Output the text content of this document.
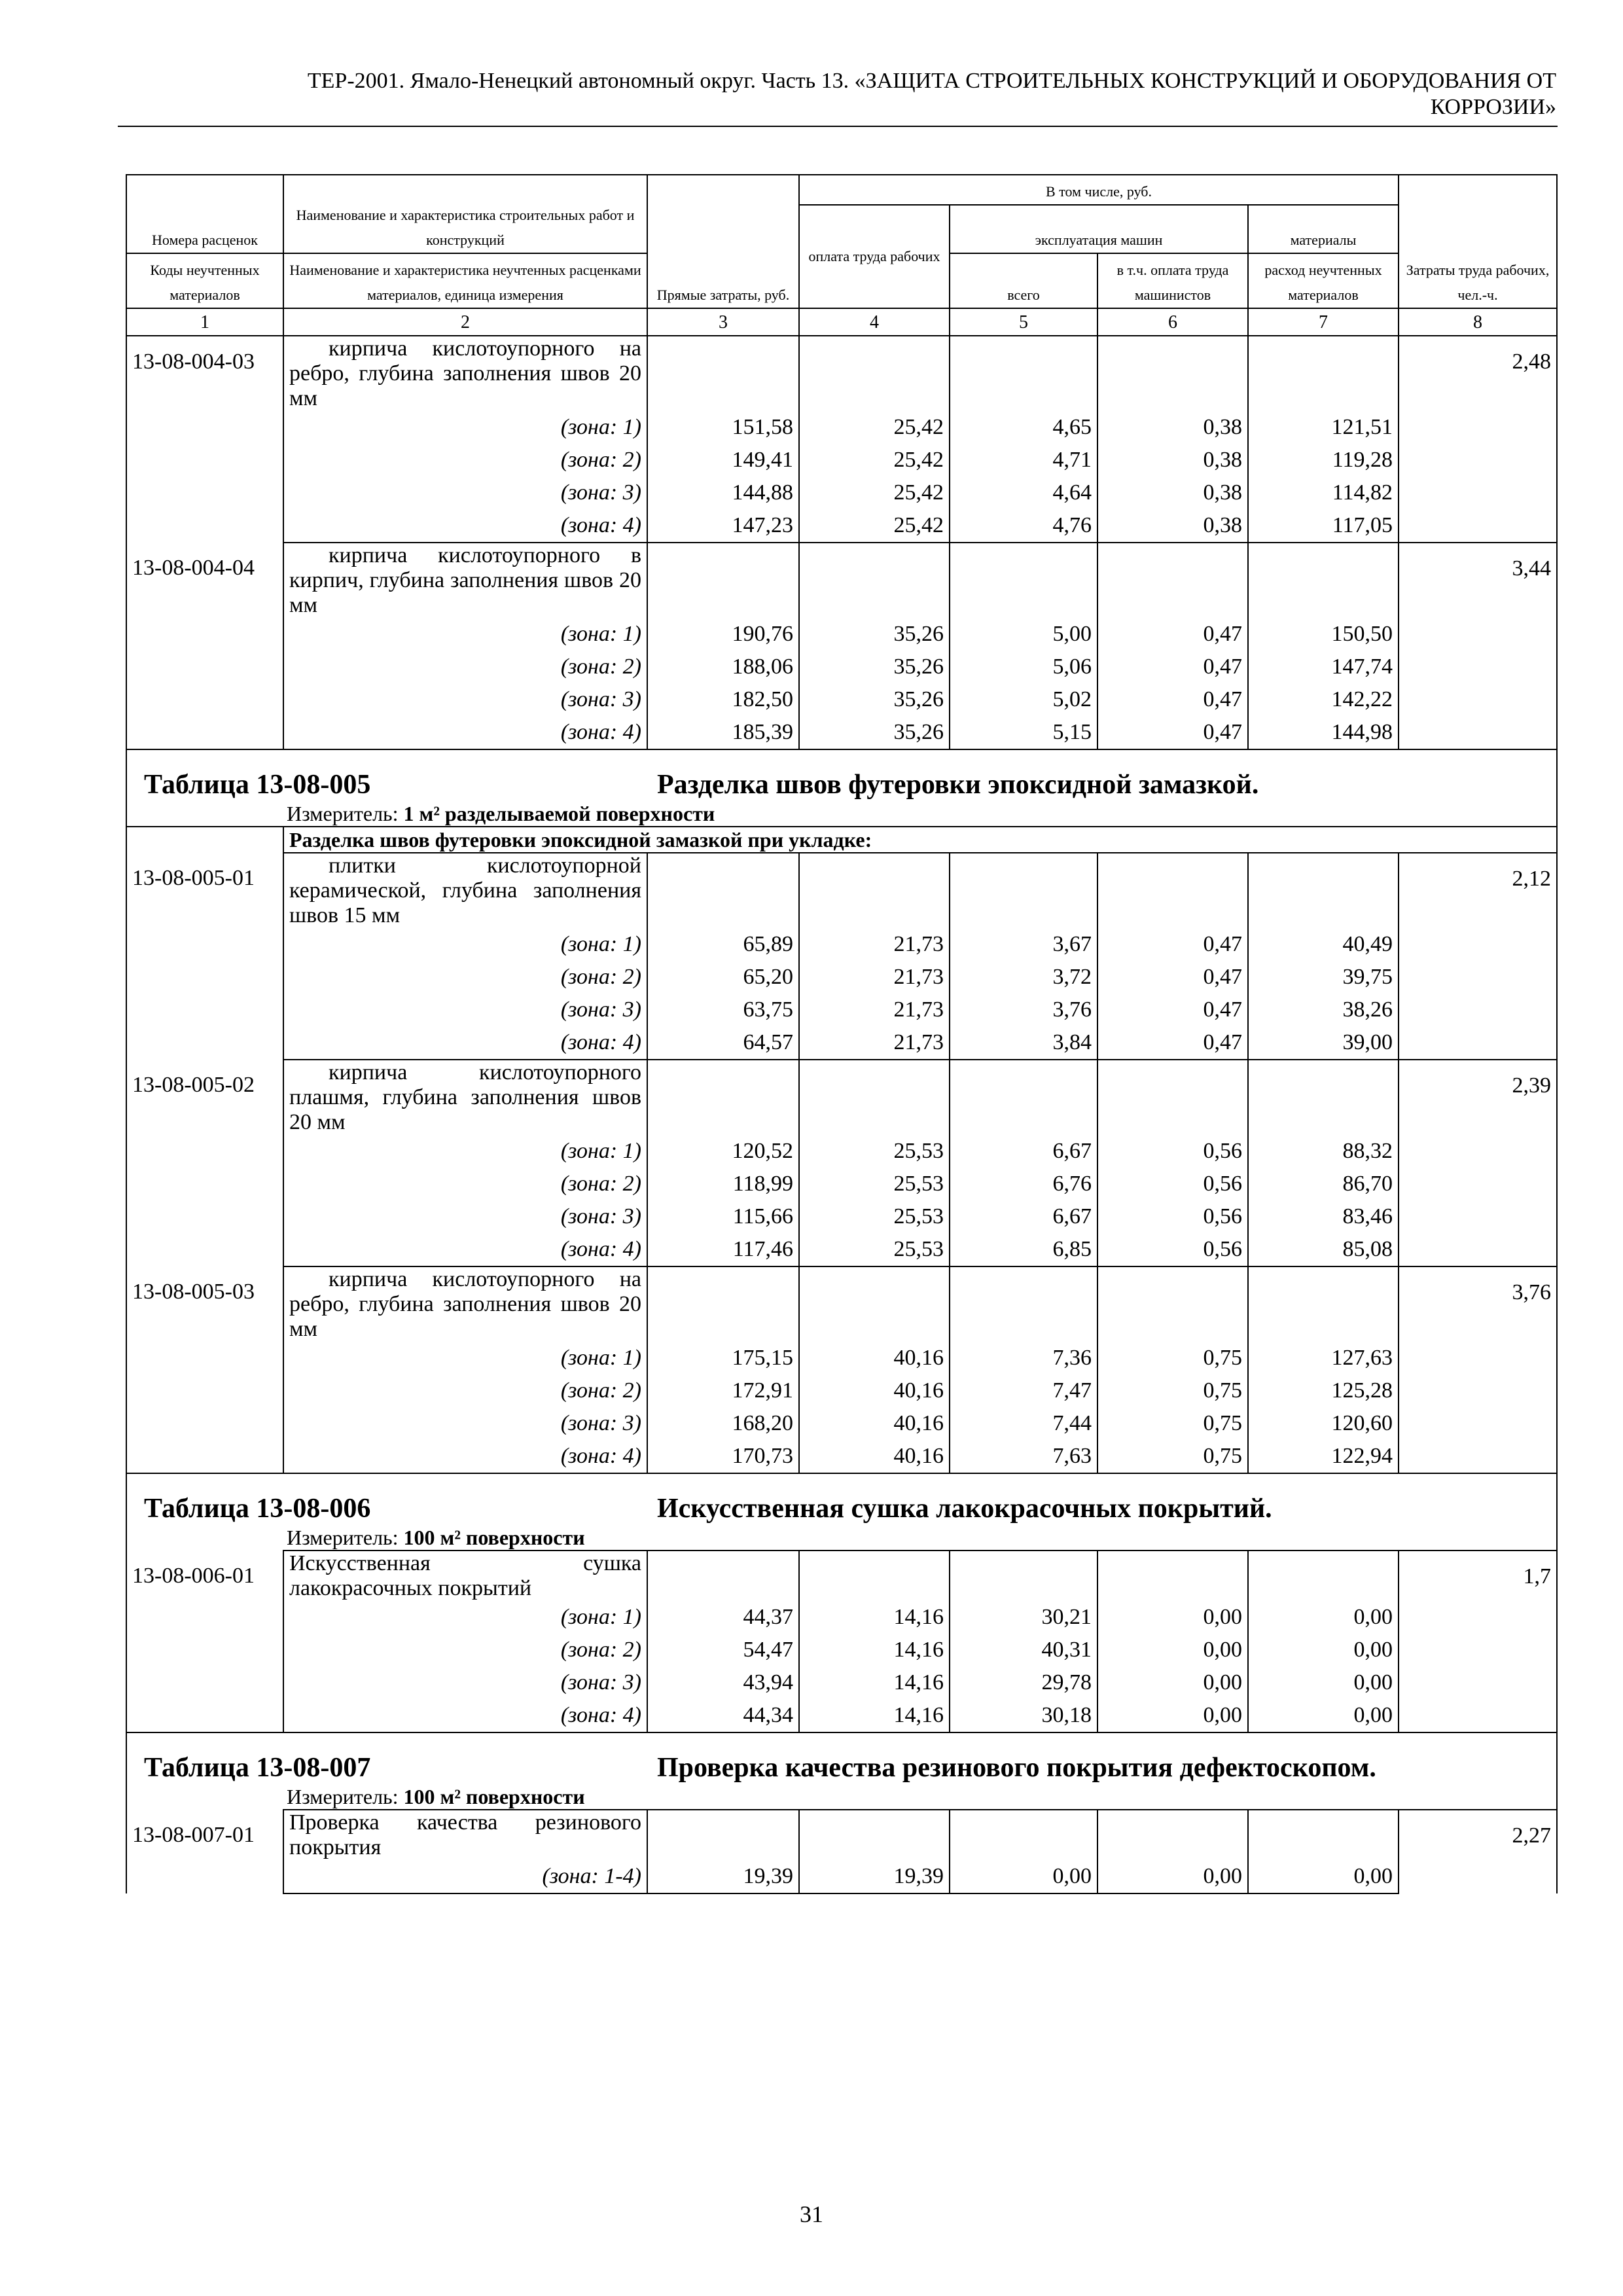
ТЕР-2001. Ямало-Ненецкий автономный округ. Часть 13. «ЗАЩИТА СТРОИТЕЛЬНЫХ КОНСТРУКЦИЙ И ОБОРУДОВАНИЯ ОТ
КОРРОЗИИ»
Номера расценок	Наименование и характеристика строительных работ и конструкций	Прямые затраты, руб.	В том числе, руб.				Затраты труда рабочих, чел.-ч.
			оплата труда рабочих	эксплуатация машин		материалы	
Коды неучтенных материалов	Наименование и характеристика неучтенных расценками материалов, единица измерения			всего	в т.ч. оплата труда машинистов	расход неучтенных материалов	
1	2	3	4	5	6	7	8
13-08-004-03	кирпича кислотоупорного на ребро, глубина заполнения швов 20 мм						2,48
	(зона: 1)	151,58	25,42	4,65	0,38	121,51	
	(зона: 2)	149,41	25,42	4,71	0,38	119,28	
	(зона: 3)	144,88	25,42	4,64	0,38	114,82	
	(зона: 4)	147,23	25,42	4,76	0,38	117,05	
13-08-004-04	кирпича кислотоупорного в кирпич, глубина заполнения швов 20 мм						3,44
	(зона: 1)	190,76	35,26	5,00	0,47	150,50	
	(зона: 2)	188,06	35,26	5,06	0,47	147,74	
	(зона: 3)	182,50	35,26	5,02	0,47	142,22	
	(зона: 4)	185,39	35,26	5,15	0,47	144,98	

Таблица 13-08-005 Разделка швов футеровки эпоксидной замазкой.
Измеритель: 1 м² разделываемой поверхности							

	Разделка швов футеровки эпоксидной замазкой при укладке:						
13-08-005-01	плитки кислотоупорной керамической, глубина заполнения швов 15 мм						2,12
	(зона: 1)	65,89	21,73	3,67	0,47	40,49	
	(зона: 2)	65,20	21,73	3,72	0,47	39,75	
	(зона: 3)	63,75	21,73	3,76	0,47	38,26	
	(зона: 4)	64,57	21,73	3,84	0,47	39,00	
13-08-005-02	кирпича кислотоупорного плашмя, глубина заполнения швов 20 мм						2,39
	(зона: 1)	120,52	25,53	6,67	0,56	88,32	
	(зона: 2)	118,99	25,53	6,76	0,56	86,70	
	(зона: 3)	115,66	25,53	6,67	0,56	83,46	
	(зона: 4)	117,46	25,53	6,85	0,56	85,08	
13-08-005-03	кирпича кислотоупорного на ребро, глубина заполнения швов 20 мм						3,76
	(зона: 1)	175,15	40,16	7,36	0,75	127,63	
	(зона: 2)	172,91	40,16	7,47	0,75	125,28	
	(зона: 3)	168,20	40,16	7,44	0,75	120,60	
	(зона: 4)	170,73	40,16	7,63	0,75	122,94	

Таблица 13-08-006 Искусственная сушка лакокрасочных покрытий.
Измеритель: 100 м² поверхности							

13-08-006-01	Искусственная сушка лакокрасочных покрытий						1,7
	(зона: 1)	44,37	14,16	30,21	0,00	0,00	
	(зона: 2)	54,47	14,16	40,31	0,00	0,00	
	(зона: 3)	43,94	14,16	29,78	0,00	0,00	
	(зона: 4)	44,34	14,16	30,18	0,00	0,00	

Таблица 13-08-007 Проверка качества резинового покрытия дефектоскопом.
Измеритель: 100 м² поверхности							

13-08-007-01	Проверка качества резинового покрытия						2,27
	(зона: 1-4)	19,39	19,39	0,00	0,00	0,00	
31
